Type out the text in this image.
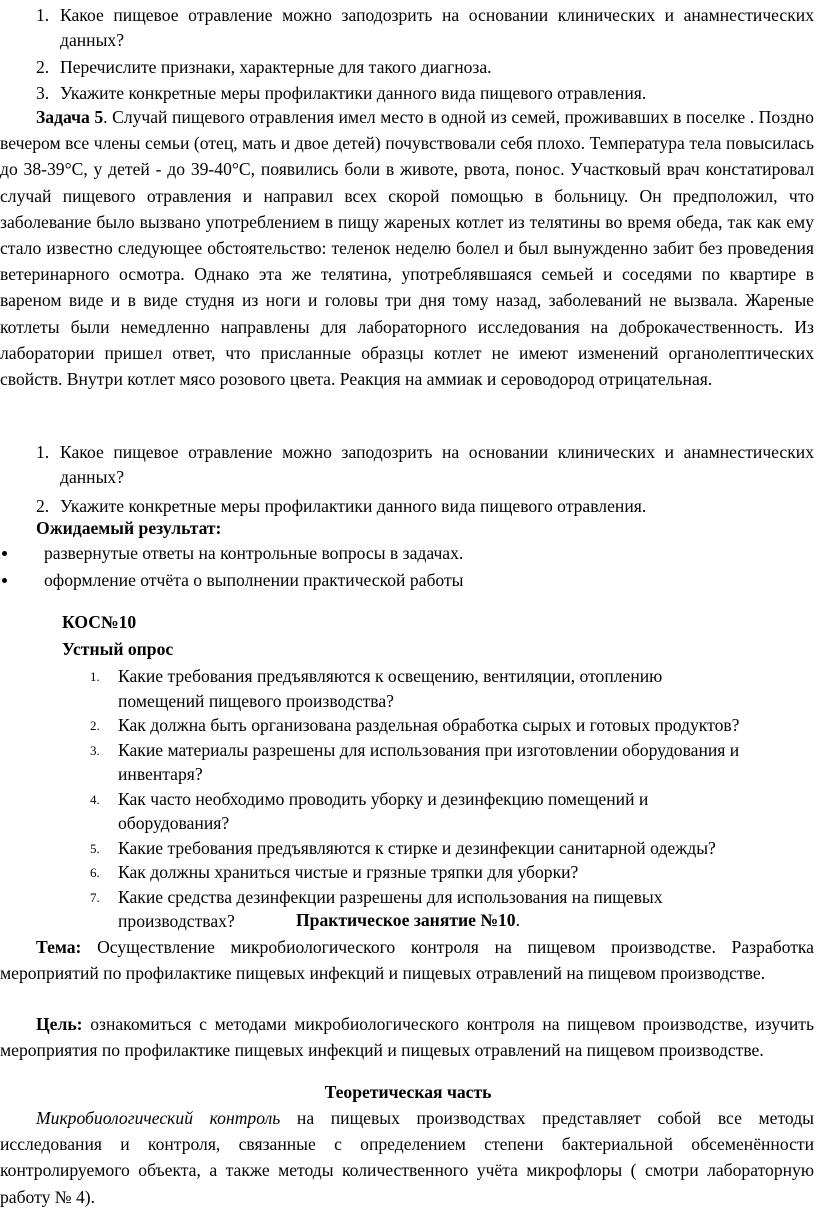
1. Какое пищевое отравление можно заподозрить на основании клинических и анамнестических данных?
2. Перечислите признаки, характерные для такого диагноза.
3. Укажите конкретные меры профилактики данного вида пищевого отравления.

Задача 5. Случай пищевого отравления имел место в одной из семей, проживавших в поселке . Поздно вечером все члены семьи (отец, мать и двое детей) почувствовали себя плохо. Температура тела повысилась до 38-39°С, у детей - до 39-40°С, появились боли в животе, рвота, понос. Участковый врач констатировал случай пищевого отравления и направил всех скорой помощью в больницу. Он предположил, что заболевание было вызвано употреблением в пищу жареных котлет из телятины во время обеда, так как ему стало известно следующее обстоятельство: теленок неделю болел и был вынужденно забит без проведения ветеринарного осмотра. Однако эта же телятина, употреблявшаяся семьей и соседями по квартире в вареном виде и в виде студня из ноги и головы три дня тому назад, заболеваний не вызвала. Жареные котлеты были немедленно направлены для лабораторного исследования на доброкачественность. Из лаборатории пришел ответ, что присланные образцы котлет не имеют изменений органолептических свойств. Внутри котлет мясо розового цвета. Реакция на аммиак и сероводород отрицательная.

1. Какое пищевое отравление можно заподозрить на основании клинических и анамнестических данных?
2. Укажите конкретные меры профилактики данного вида пищевого отравления.
Ожидаемый результат:
развернутые ответы на контрольные вопросы в задачах.
оформление отчёта о выполнении практической работы
КОС№10
Устный опрос
1. Какие требования предъявляются к освещению, вентиляции, отоплению помещений пищевого производства?
2. Как должна быть организована раздельная обработка сырых и готовых продуктов?
3. Какие материалы разрешены для использования при изготовлении оборудования и инвентаря?
4. Как часто необходимо проводить уборку и дезинфекцию помещений и оборудования?
5. Какие требования предъявляются к стирке и дезинфекции санитарной одежды?
6. Как должны храниться чистые и грязные тряпки для уборки?
7. Какие средства дезинфекции разрешены для использования на пищевых производствах?	Практическое занятие №10.

Тема: Осуществление микробиологического контроля на пищевом производстве. Разработка мероприятий по профилактике пищевых инфекций и пищевых отравлений на пищевом производстве.

Цель: ознакомиться с методами микробиологического контроля на пищевом производстве, изучить мероприятия по профилактике пищевых инфекций и пищевых отравлений на пищевом производстве.

Теоретическая часть

Микробиологический контроль на пищевых производствах представляет собой все методы исследования и контроля, связанные с определением степени бактериальной обсеменённости контролируемого объекта, а также методы количественного учёта микрофлоры ( смотри лабораторную работу № 4).
